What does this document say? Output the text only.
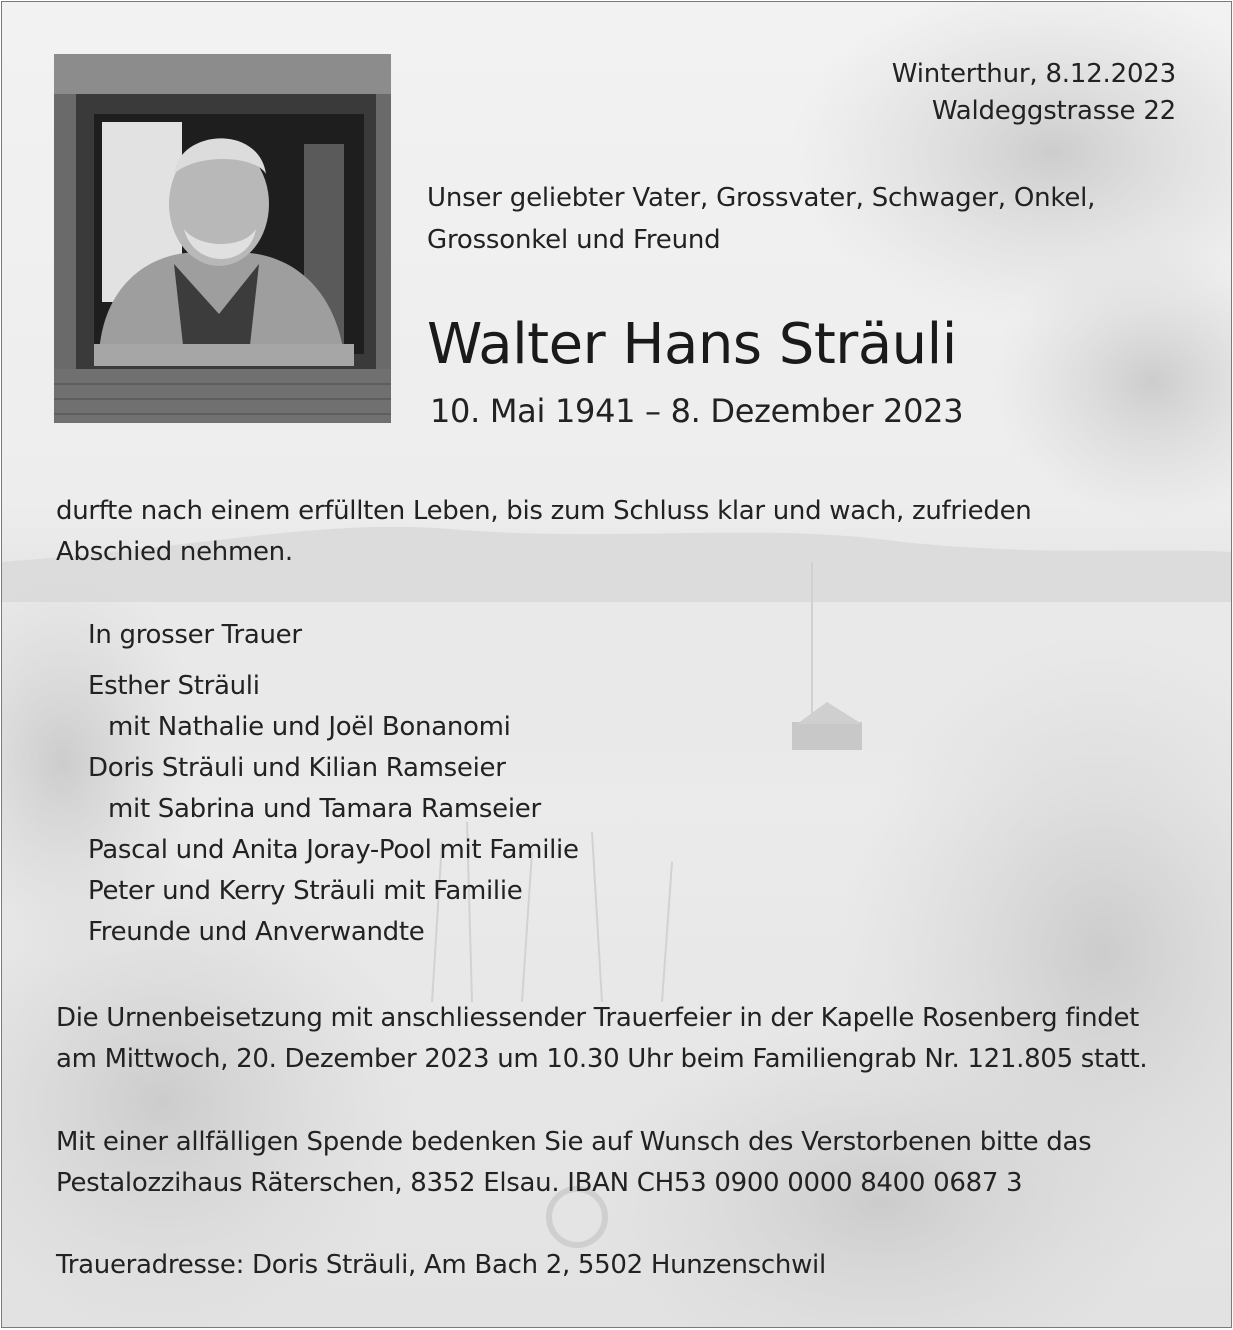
Winterthur, 8.12.2023
Waldeggstrasse 22
Unser geliebter Vater, Grossvater, Schwager, Onkel,
Grossonkel und Freund
Walter Hans Sträuli
10. Mai 1941 – 8. Dezember 2023
durfte nach einem erfüllten Leben, bis zum Schluss klar und wach, zufrieden
Abschied nehmen.
In grosser Trauer
Esther Sträuli
mit Nathalie und Joël Bonanomi
Doris Sträuli und Kilian Ramseier
mit Sabrina und Tamara Ramseier
Pascal und Anita Joray-Pool mit Familie
Peter und Kerry Sträuli mit Familie
Freunde und Anverwandte
Die Urnenbeisetzung mit anschliessender Trauerfeier in der Kapelle Rosenberg findet
am Mittwoch, 20. Dezember 2023 um 10.30 Uhr beim Familiengrab Nr. 121.805 statt.
Mit einer allfälligen Spende bedenken Sie auf Wunsch des Verstorbenen bitte das
Pestalozzihaus Räterschen, 8352 Elsau. IBAN CH53 0900 0000 8400 0687 3
Traueradresse: Doris Sträuli, Am Bach 2, 5502 Hunzenschwil
